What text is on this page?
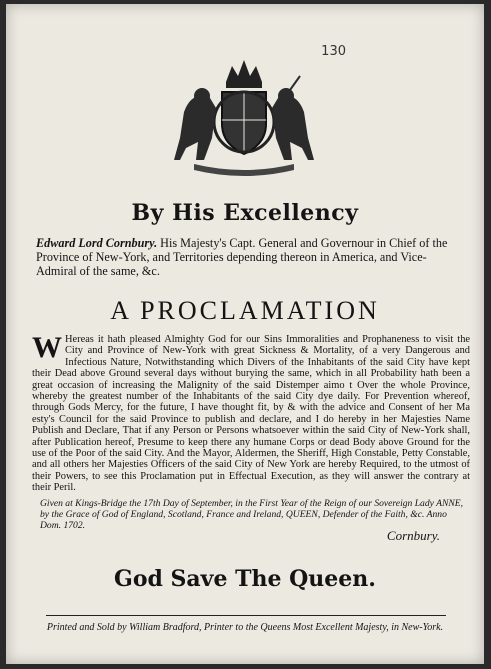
130
By His Excellency
Edward Lord Cornbury. His Majesty's Capt. General and Governour in Chief of the Province of New-York, and Territories depending thereon in America, and Vice-Admiral of the same, &c.
A PROCLAMATION
W Hereas it hath pleased Almighty God for our Sins Immoralities and Prophaneness to visit the City and Province of New-York with great Sickness & Mortality, of a very Dangerous and Infectious Nature, Notwithstanding which Divers of the Inhabitants of the said City have kept their Dead above Ground several days without burying the same, which in all Probability hath been a great occasion of increasing the Malignity of the said Distemper aimo t Over the whole Province, whereby the greatest number of the Inhabitants of the said City dye daily. For Prevention whereof, through Gods Mercy, for the future, I have thought fit, by & with the advice and Consent of her Ma esty's Council for the said Province to publish and declare, and I do hereby in her Majesties Name Publish and Declare, That if any Person or Persons whatsoever within the said City of New-York shall, after Publication hereof, Presume to keep there any humane Corps or dead Body above Ground for the use of the Poor of the said City. And the Mayor, Aldermen, the Sheriff, High Constable, Petty Constable, and all others her Majesties Officers of the said City of New York are hereby Required, to the utmost of their Powers, to see this Proclamation put in Effectual Execution, as they will answer the contrary at their Peril.
Given at Kings-Bridge the 17th Day of September, in the First Year of the Reign of our Sovereign Lady ANNE, by the Grace of God of England, Scotland, France and Ireland, QUEEN, Defender of the Faith, &c. Anno Dom. 1702.
Cornbury.
God Save The Queen.
Printed and Sold by William Bradford, Printer to the Queens Most Excellent Majesty, in New-York.
